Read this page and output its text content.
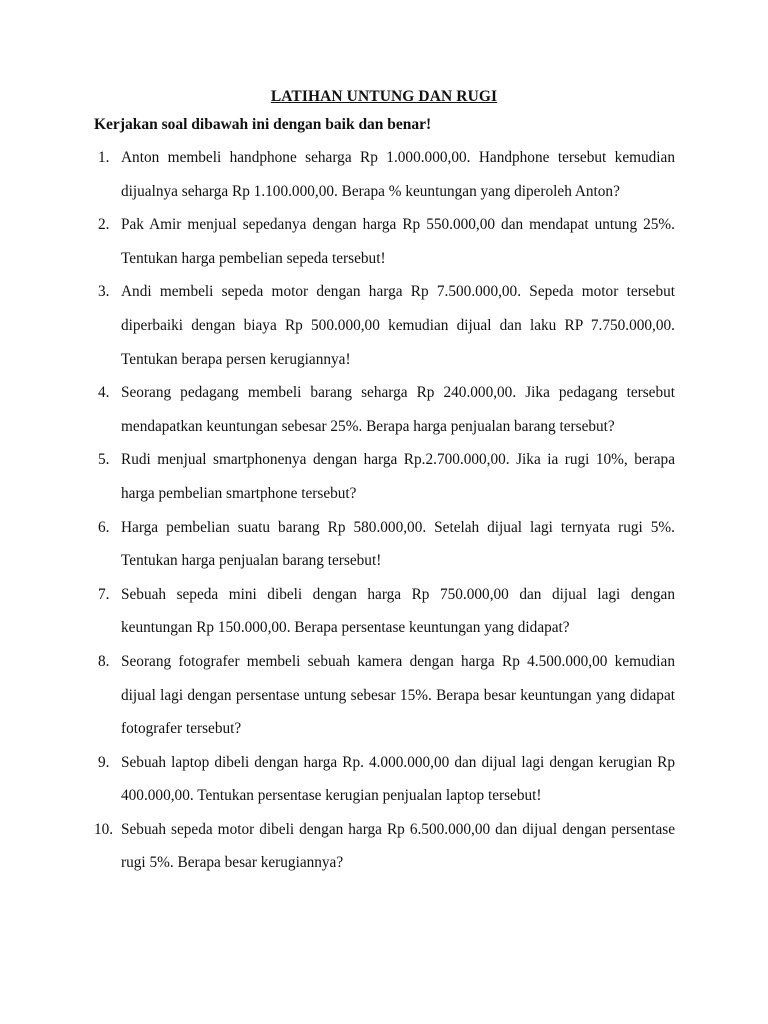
LATIHAN UNTUNG DAN RUGI
Kerjakan soal dibawah ini dengan baik dan benar!
1. Anton membeli handphone seharga Rp 1.000.000,00. Handphone tersebut kemudian dijualnya seharga Rp 1.100.000,00. Berapa % keuntungan yang diperoleh Anton?
2. Pak Amir menjual sepedanya dengan harga Rp 550.000,00 dan mendapat untung 25%. Tentukan harga pembelian sepeda tersebut!
3. Andi membeli sepeda motor dengan harga Rp 7.500.000,00. Sepeda motor tersebut diperbaiki dengan biaya Rp 500.000,00 kemudian dijual dan laku RP 7.750.000,00. Tentukan berapa persen kerugiannya!
4. Seorang pedagang membeli barang seharga Rp 240.000,00. Jika pedagang tersebut mendapatkan keuntungan sebesar 25%. Berapa harga penjualan barang tersebut?
5. Rudi menjual smartphonenya dengan harga Rp.2.700.000,00. Jika ia rugi 10%, berapa harga pembelian smartphone tersebut?
6. Harga pembelian suatu barang Rp 580.000,00. Setelah dijual lagi ternyata rugi 5%. Tentukan harga penjualan barang tersebut!
7. Sebuah sepeda mini dibeli dengan harga Rp 750.000,00 dan dijual lagi dengan keuntungan Rp 150.000,00. Berapa persentase keuntungan yang didapat?
8. Seorang fotografer membeli sebuah kamera dengan harga Rp 4.500.000,00 kemudian dijual lagi dengan persentase untung sebesar 15%. Berapa besar keuntungan yang didapat fotografer tersebut?
9. Sebuah laptop dibeli dengan harga Rp. 4.000.000,00 dan dijual lagi dengan kerugian Rp 400.000,00. Tentukan persentase kerugian penjualan laptop tersebut!
10. Sebuah sepeda motor dibeli dengan harga Rp 6.500.000,00 dan dijual dengan persentase rugi 5%. Berapa besar kerugiannya?
